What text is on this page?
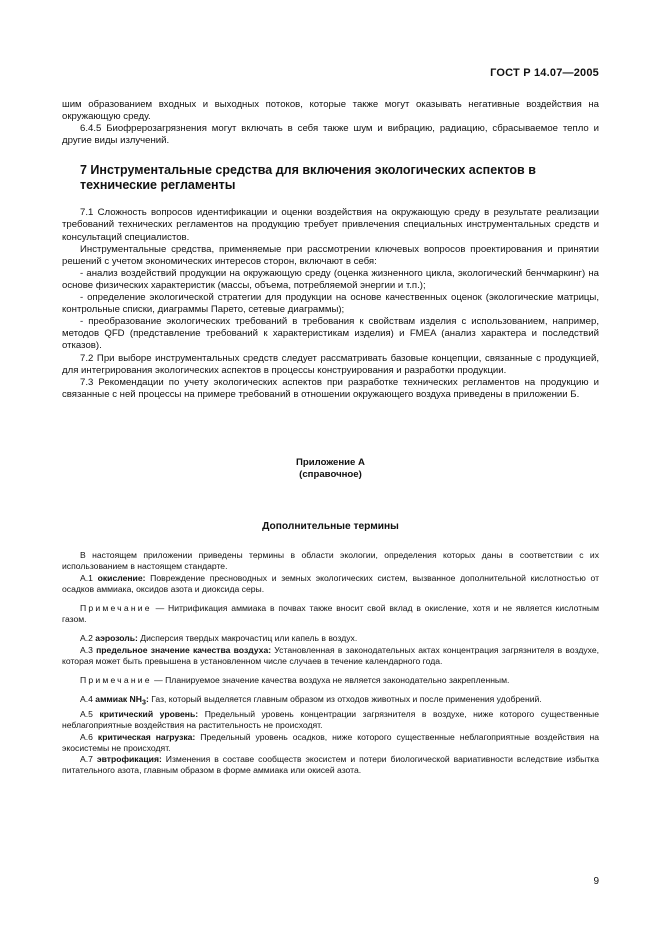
ГОСТ Р 14.07—2005

шим образованием входных и выходных потоков, которые также могут оказывать негативные воздействия на окружающую среду.

6.4.5 Биофрерозагрязнения могут включать в себя также шум и вибрацию, радиацию, сбрасываемое тепло и другие виды излучений.

7 Инструментальные средства для включения экологических аспектов в технические регламенты

7.1 Сложность вопросов идентификации и оценки воздействия на окружающую среду в результате реализации требований технических регламентов на продукцию требует привлечения специальных инструментальных средств и консультаций специалистов.

Инструментальные средства, применяемые при рассмотрении ключевых вопросов проектирования и принятии решений с учетом экономических интересов сторон, включают в себя:

- анализ воздействий продукции на окружающую среду (оценка жизненного цикла, экологический бенчмаркинг) на основе физических характеристик (массы, объема, потребляемой энергии и т.п.);

- определение экологической стратегии для продукции на основе качественных оценок (экологические матрицы, контрольные списки, диаграммы Парето, сетевые диаграммы);

- преобразование экологических требований в требования к свойствам изделия с использованием, например, методов QFD (представление требований к характеристикам изделия) и FMEA (анализ характера и последствий отказов).

7.2 При выборе инструментальных средств следует рассматривать базовые концепции, связанные с продукцией, для интегрирования экологических аспектов в процессы конструирования и разработки продукции.

7.3 Рекомендации по учету экологических аспектов при разработке технических регламентов на продукцию и связанные с ней процессы на примере требований в отношении окружающего воздуха приведены в приложении Б.

Приложение А

(справочное)

Дополнительные термины

В настоящем приложении приведены термины в области экологии, определения которых даны в соответствии с их использованием в настоящем стандарте.

А.1 окисление: Повреждение пресноводных и земных экологических систем, вызванное дополнительной кислотностью от осадков аммиака, оксидов азота и диоксида серы.

Примечание — Нитрификация аммиака в почвах также вносит свой вклад в окисление, хотя и не является кислотным газом.

А.2 аэрозоль: Дисперсия твердых макрочастиц или капель в воздух.

А.3 предельное значение качества воздуха: Установленная в законодательных актах концентрация загрязнителя в воздухе, которая может быть превышена в установленном числе случаев в течение календарного года.

Примечание — Планируемое значение качества воздуха не является законодательно закрепленным.

А.4 аммиак $NH_3$: Газ, который выделяется главным образом из отходов животных и после применения удобрений.

А.5 критический уровень: Предельный уровень концентрации загрязнителя в воздухе, ниже которого существенные неблагоприятные воздействия на растительность не происходят.

А.6 критическая нагрузка: Предельный уровень осадков, ниже которого существенные неблагоприятные воздействия на экосистемы не происходят.

А.7 эвтрофикация: Изменения в составе сообществ экосистем и потери биологической вариативности вследствие избытка питательного азота, главным образом в форме аммиака или окисей азота.

9
